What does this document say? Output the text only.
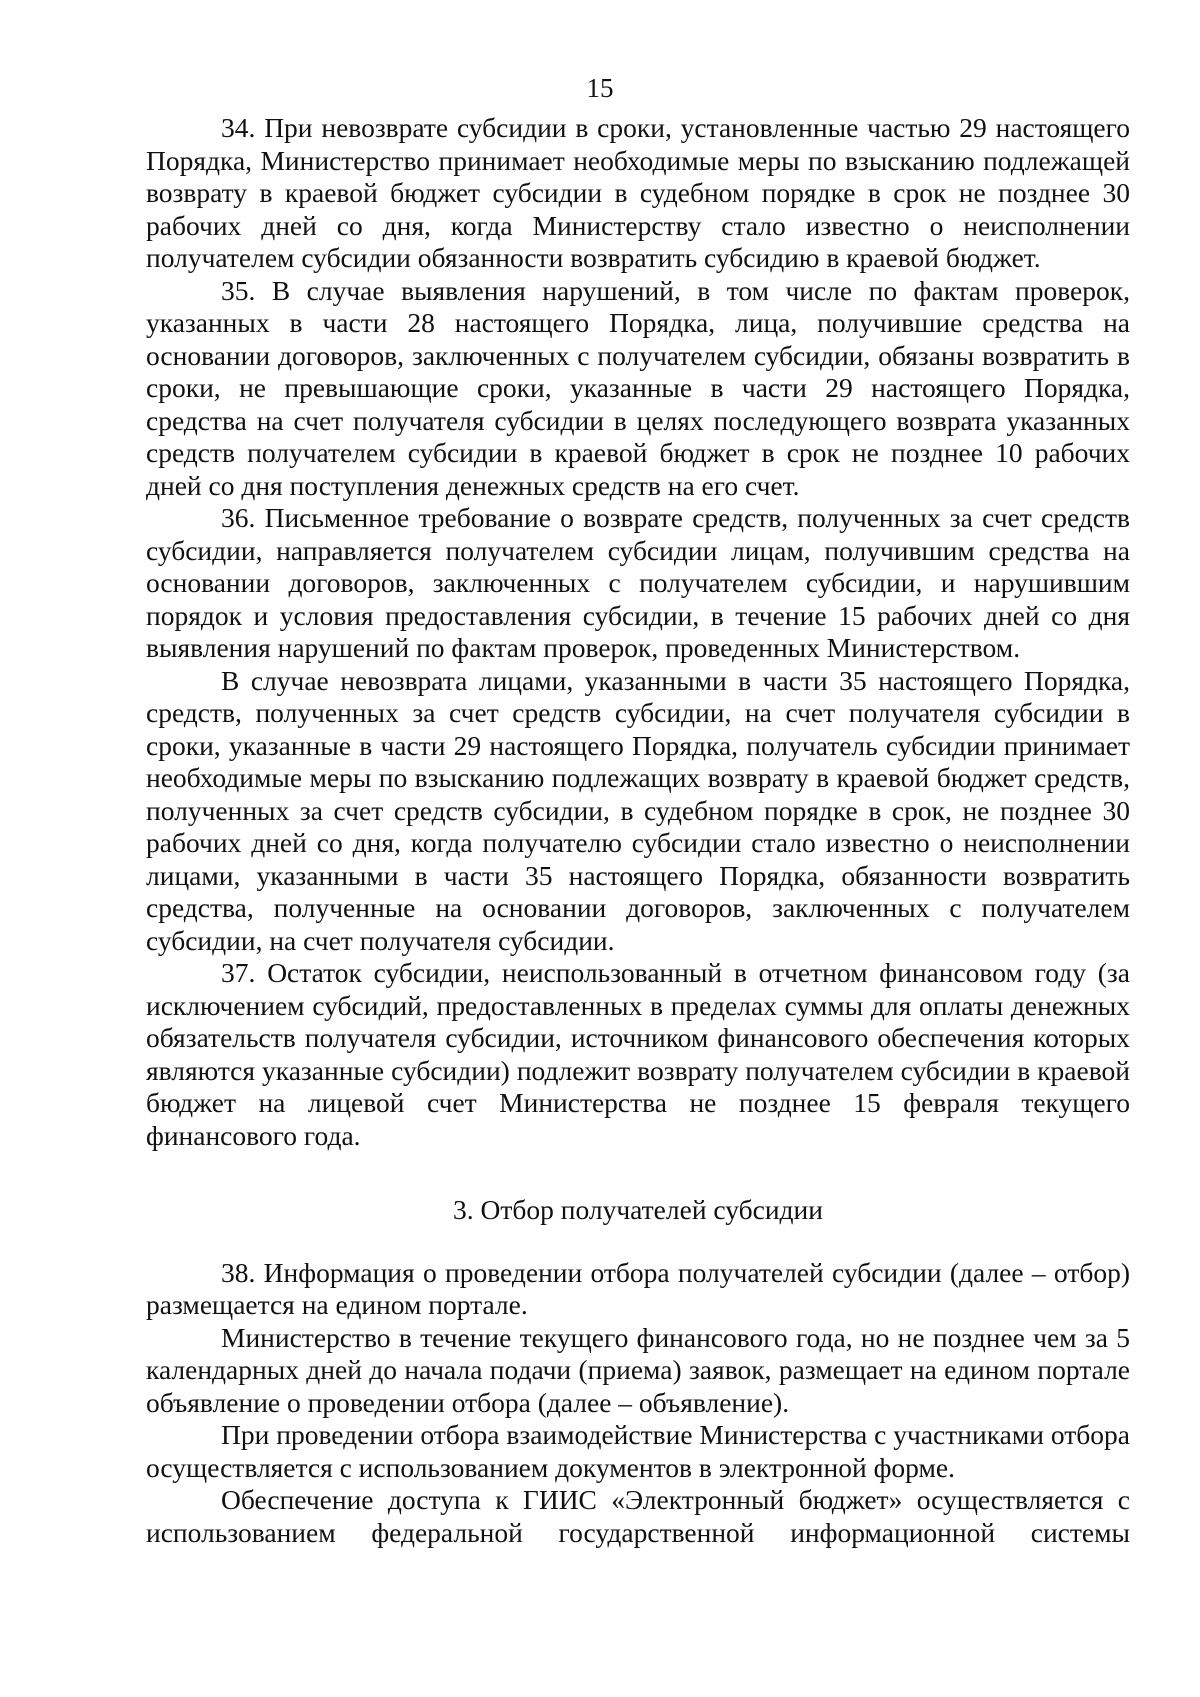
15

34. При невозврате субсидии в сроки, установленные частью 29 настоящего Порядка, Министерство принимает необходимые меры по взысканию подлежащей возврату в краевой бюджет субсидии в судебном порядке в срок не позднее 30 рабочих дней со дня, когда Министерству стало известно о неисполнении получателем субсидии обязанности возвратить субсидию в краевой бюджет.

35. В случае выявления нарушений, в том числе по фактам проверок, указанных в части 28 настоящего Порядка, лица, получившие средства на основании договоров, заключенных с получателем субсидии, обязаны возвратить в сроки, не превышающие сроки, указанные в части 29 настоящего Порядка, средства на счет получателя субсидии в целях последующего возврата указанных средств получателем субсидии в краевой бюджет в срок не позднее 10 рабочих дней со дня поступления денежных средств на его счет.

36. Письменное требование о возврате средств, полученных за счет средств субсидии, направляется получателем субсидии лицам, получившим средства на основании договоров, заключенных с получателем субсидии, и нарушившим порядок и условия предоставления субсидии, в течение 15 рабочих дней со дня выявления нарушений по фактам проверок, проведенных Министерством.

В случае невозврата лицами, указанными в части 35 настоящего Порядка, средств, полученных за счет средств субсидии, на счет получателя субсидии в сроки, указанные в части 29 настоящего Порядка, получатель субсидии принимает необходимые меры по взысканию подлежащих возврату в краевой бюджет средств, полученных за счет средств субсидии, в судебном порядке в срок, не позднее 30 рабочих дней со дня, когда получателю субсидии стало известно о неисполнении лицами, указанными в части 35 настоящего Порядка, обязанности возвратить средства, полученные на основании договоров, заключенных с получателем субсидии, на счет получателя субсидии.

37. Остаток субсидии, неиспользованный в отчетном финансовом году (за исключением субсидий, предоставленных в пределах суммы для оплаты денежных обязательств получателя субсидии, источником финансового обеспечения которых являются указанные субсидии) подлежит возврату получателем субсидии в краевой бюджет на лицевой счет Министерства не позднее 15 февраля текущего финансового года.

3. Отбор получателей субсидии

38. Информация о проведении отбора получателей субсидии (далее – отбор) размещается на едином портале.

Министерство в течение текущего финансового года, но не позднее чем за 5 календарных дней до начала подачи (приема) заявок, размещает на едином портале объявление о проведении отбора (далее – объявление).

При проведении отбора взаимодействие Министерства с участниками отбора осуществляется с использованием документов в электронной форме.

Обеспечение доступа к ГИИС «Электронный бюджет» осуществляется с использованием федеральной государственной информационной системы
